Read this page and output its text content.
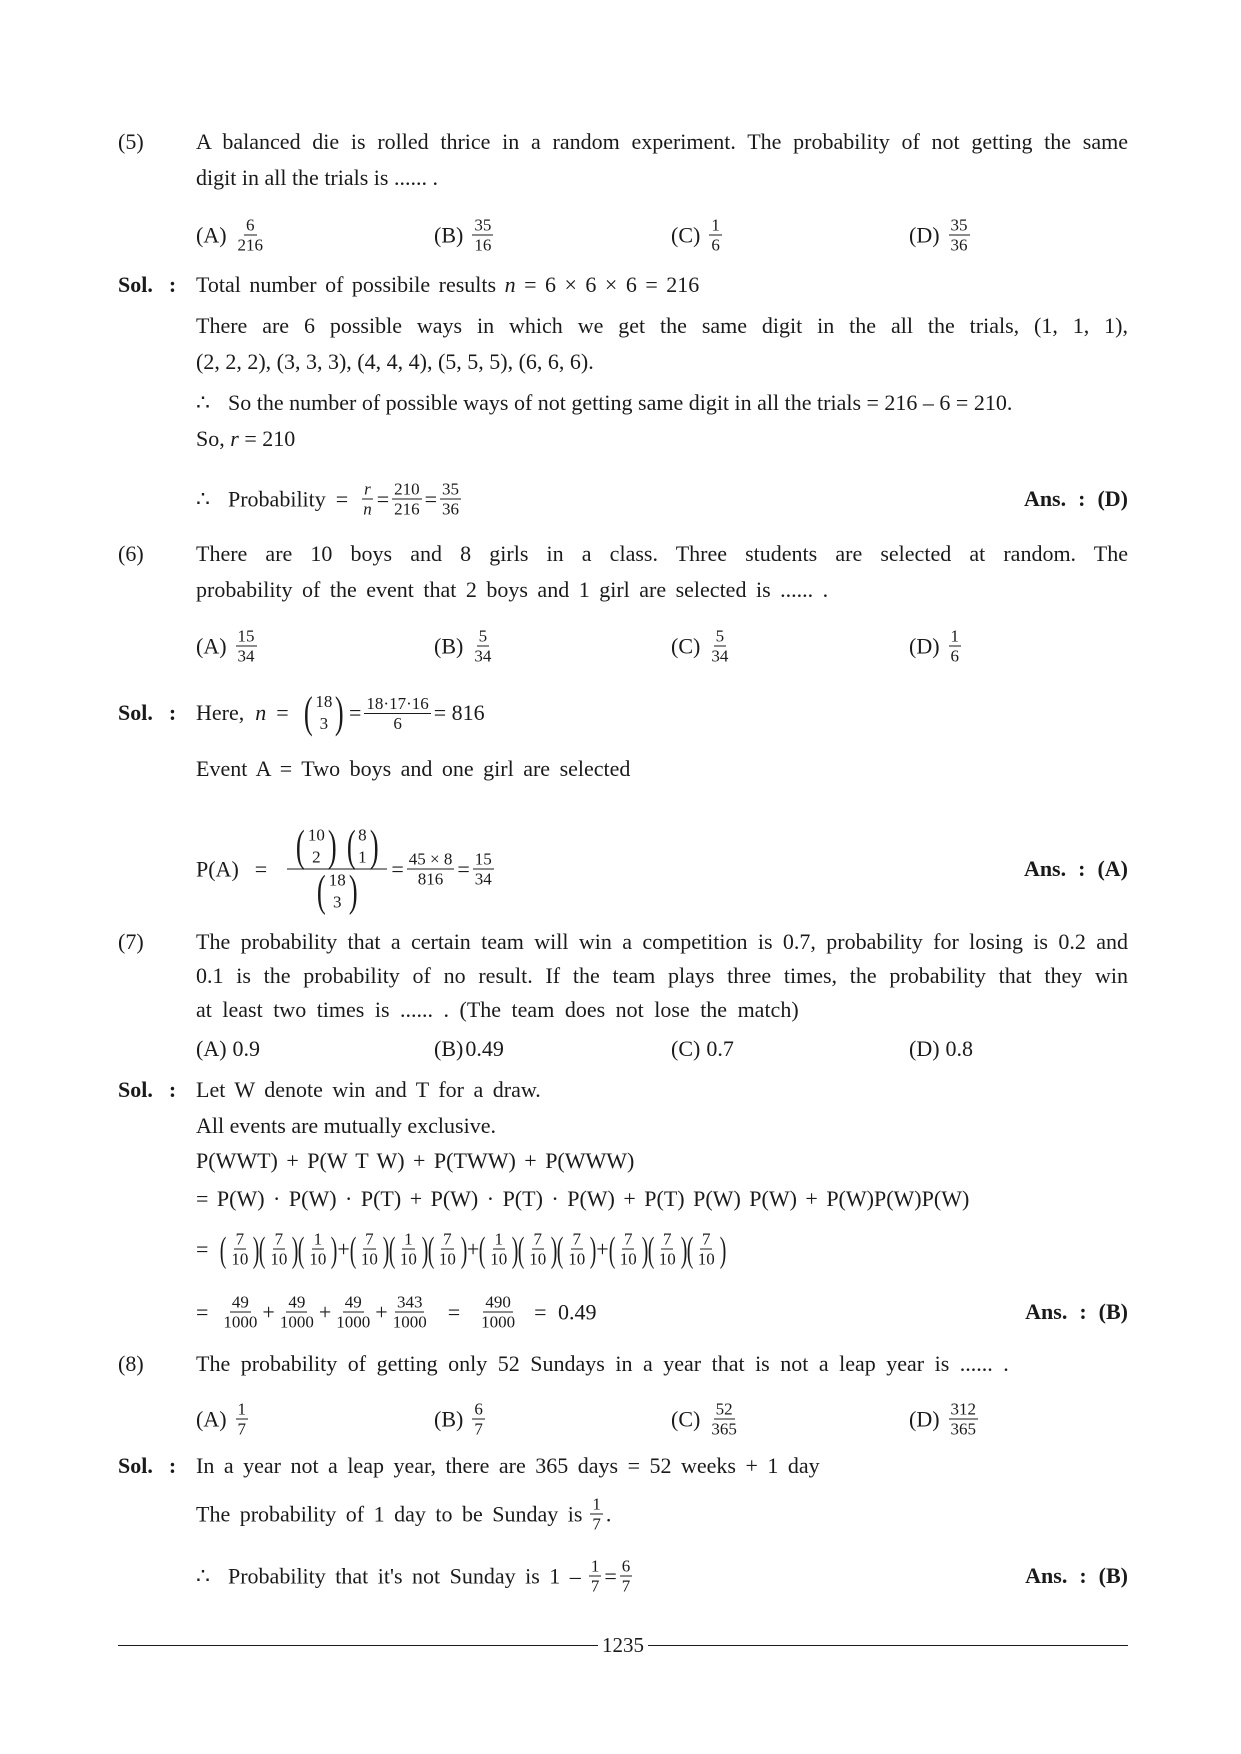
(5) A balanced die is rolled thrice in a random experiment. The probability of not getting the same
digit in all the trials is ...... .
$(A) \frac{6}{216}$	$(B) \frac{35}{16}$	$(C) \frac{1}{6}$	$(D) \frac{35}{36}$
Sol. : Total number of possibile results
n
= 6 × 6 × 6 = 216
There are 6 possible ways in which we get the same digit in the all the trials, (1, 1, 1),
(2, 2, 2), (3, 3, 3), (4, 4, 4), (5, 5, 5), (6, 6, 6).
∴ So the number of possible ways of not getting same digit in all the trials = 216 – 6 = 210.
So,
r
= 210
∴ Probability = $\frac{r}{n} = \frac{210}{216} = \frac{35}{36}$	Ans. : (D)
(6) There are 10 boys and 8 girls in a class. Three students are selected at random. The
probability of the event that 2 boys and 1 girl are selected is ...... .
$(A) \frac{15}{34}$	$(B) \frac{5}{34}$	$(C) \frac{5}{34}$	$(D) \frac{1}{6}$
Sol. : Here,
n = ( 18
3 ) = $\frac{18\cdot 17\cdot 16}{6} = 816$
Event A = Two boys and one girl are selected
P(A) = ( 10
2 ) ( 8
1 )
( 18
3 ) = $\frac{45 \times 8}{816} = \frac{15}{34}$	Ans. : (A)
(7) The probability that a certain team will win a competition is 0.7, probability for losing is 0.2 and
0.1 is the probability of no result. If the team plays three times, the probability that they win
at least two times is ...... . (The team does not lose the match)
(A) 0.9	(B) 0.49	(C) 0.7	(D) 0.8
Sol. : Let W denote win and T for a draw.
All events are mutually exclusive.
P(WWT) + P(W T W) + P(TWW) + P(WWW)
= P(W) · P(W) · P(T) + P(W) · P(T) · P(W) + P(T) P(W) P(W) + P(W)P(W)P(W)
= ( $\frac{7}{10}$ ) ( $\frac{7}{10}$ ) ( $\frac{1}{10}$ ) + ( $\frac{7}{10}$ ) ( $\frac{1}{10}$ ) ( $\frac{7}{10}$ ) + ( $\frac{1}{10}$ ) ( $\frac{7}{10}$ ) ( $\frac{7}{10}$ ) + ( $\frac{7}{10}$ ) ( $\frac{7}{10}$ ) ( $\frac{7}{10}$ )
= $\frac{49}{1000} + \frac{49}{1000} + \frac{49}{1000} + \frac{343}{1000} = \frac{490}{1000} = 0.49$	Ans. : (B)
(8) The probability of getting only 52 Sundays in a year that is not a leap year is ...... .
$(A) \frac{1}{7}$	$(B) \frac{6}{7}$	$(C) \frac{52}{365}$	$(D) \frac{312}{365}$
Sol. : In a year not a leap year, there are 365 days = 52 weeks + 1 day
The probability of 1 day to be Sunday is $\frac{1}{7}$ .
∴ Probability that it's not Sunday is $1 - \frac{1}{7} = \frac{6}{7}$	Ans. : (B)
1235
